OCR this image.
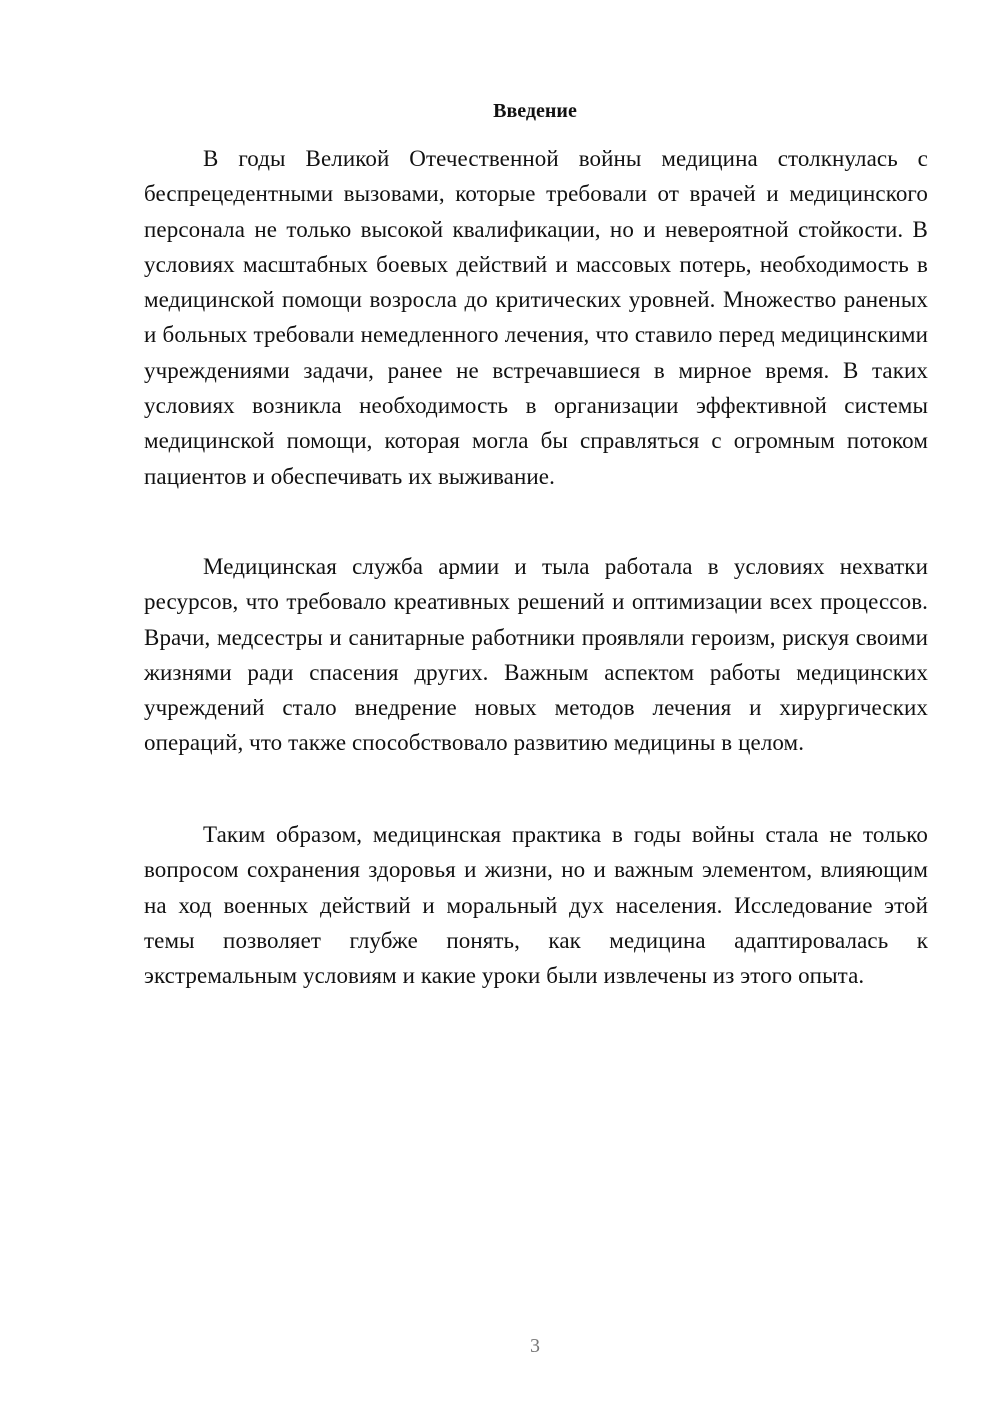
Введение

В годы Великой Отечественной войны медицина столкнулась с беспрецедентными вызовами, которые требовали от врачей и медицинского персонала не только высокой квалификации, но и невероятной стойкости. В условиях масштабных боевых действий и массовых потерь, необходимость в медицинской помощи возросла до критических уровней. Множество раненых и больных требовали немедленного лечения, что ставило перед медицинскими учреждениями задачи, ранее не встречавшиеся в мирное время. В таких условиях возникла необходимость в организации эффективной системы медицинской помощи, которая могла бы справляться с огромным потоком пациентов и обеспечивать их выживание.

Медицинская служба армии и тыла работала в условиях нехватки ресурсов, что требовало креативных решений и оптимизации всех процессов. Врачи, медсестры и санитарные работники проявляли героизм, рискуя своими жизнями ради спасения других. Важным аспектом работы медицинских учреждений стало внедрение новых методов лечения и хирургических операций, что также способствовало развитию медицины в целом.

Таким образом, медицинская практика в годы войны стала не только вопросом сохранения здоровья и жизни, но и важным элементом, влияющим на ход военных действий и моральный дух населения. Исследование этой темы позволяет глубже понять, как медицина адаптировалась к экстремальным условиям и какие уроки были извлечены из этого опыта.

3
